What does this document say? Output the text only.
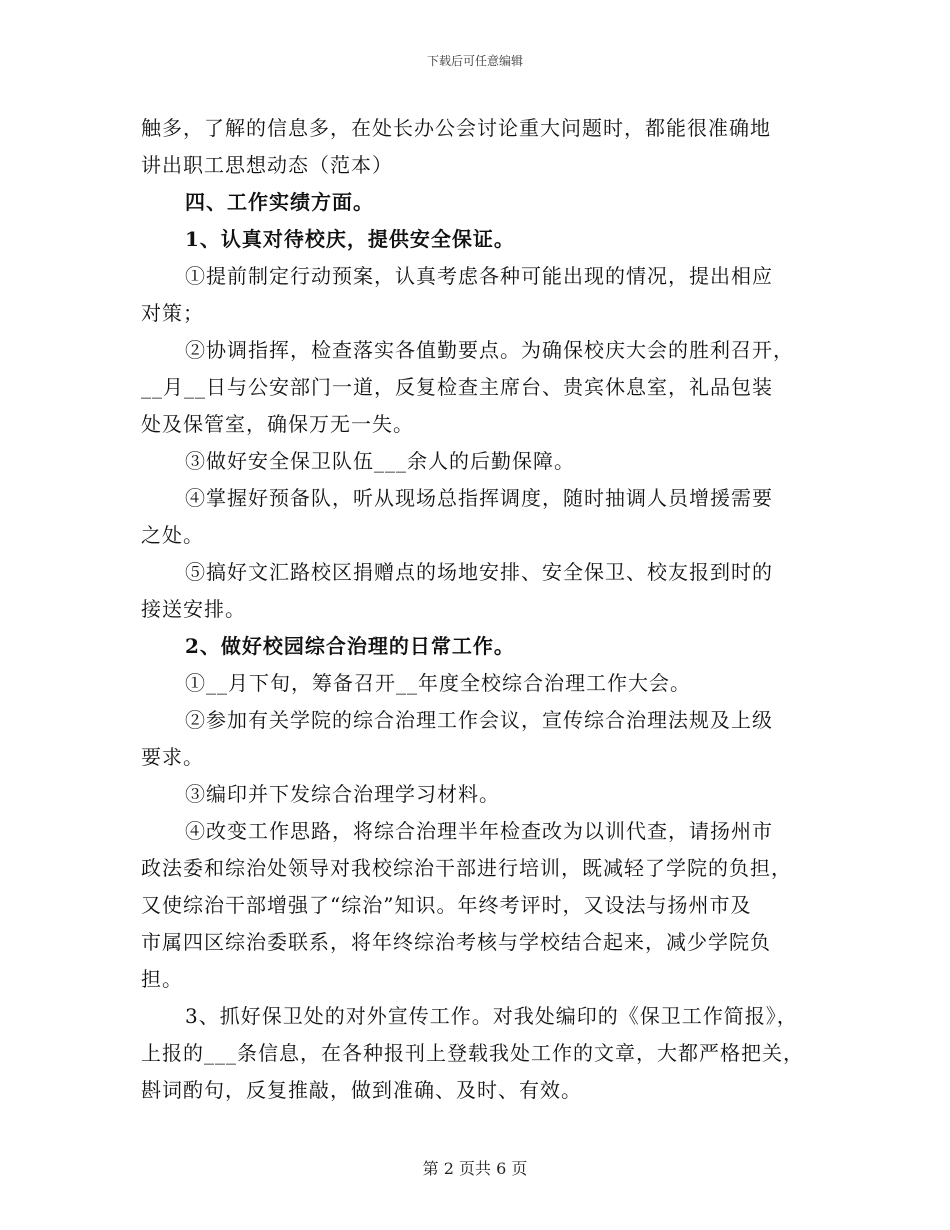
下载后可任意编辑
触多，了解的信息多，在处长办公会讨论重大问题时，都能很准确地
讲出职工思想动态（范本）
四、工作实绩方面。
1、认真对待校庆，提供安全保证。
①提前制定行动预案，认真考虑各种可能出现的情况，提出相应
对策；
②协调指挥，检查落实各值勤要点。为确保校庆大会的胜利召开，
__月__日与公安部门一道，反复检查主席台、贵宾休息室，礼品包装
处及保管室，确保万无一失。
③做好安全保卫队伍___余人的后勤保障。
④掌握好预备队，听从现场总指挥调度，随时抽调人员增援需要
之处。
⑤搞好文汇路校区捐赠点的场地安排、安全保卫、校友报到时的
接送安排。
2、做好校园综合治理的日常工作。
①__月下旬，筹备召开__年度全校综合治理工作大会。
②参加有关学院的综合治理工作会议，宣传综合治理法规及上级
要求。
③编印并下发综合治理学习材料。
④改变工作思路，将综合治理半年检查改为以训代查，请扬州市
政法委和综治处领导对我校综治干部进行培训，既减轻了学院的负担，
又使综治干部增强了“综治”知识。年终考评时，又设法与扬州市及
市属四区综治委联系，将年终综治考核与学校结合起来，减少学院负
担。
3、抓好保卫处的对外宣传工作。对我处编印的《保卫工作简报》，
上报的___条信息，在各种报刊上登载我处工作的文章，大都严格把关，
斟词酌句，反复推敲，做到准确、及时、有效。
第 2 页共 6 页
